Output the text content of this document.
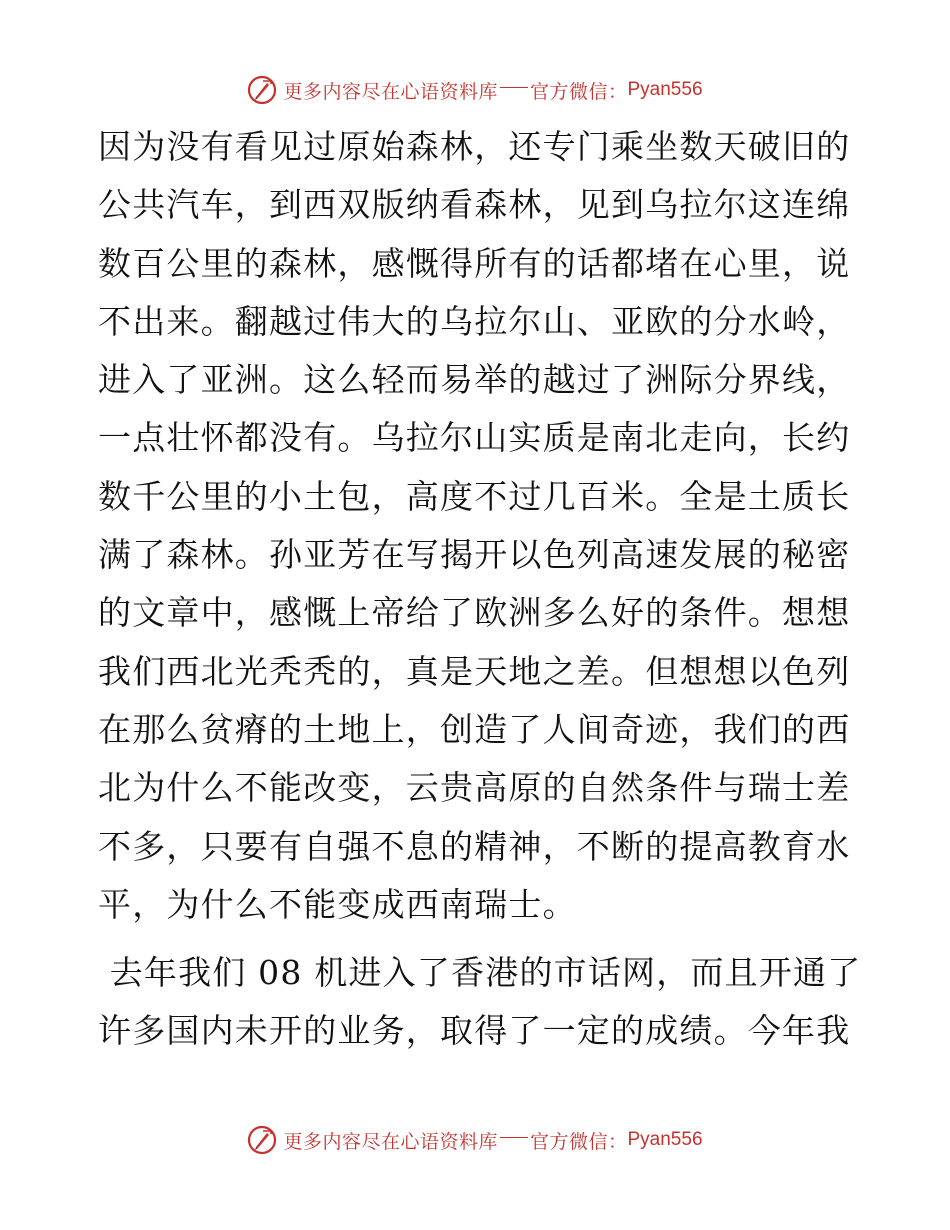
更多内容尽在心语资料库 官方微信： Pyan556

因为没有看见过原始森林，还专门乘坐数天破旧的
公共汽车，到西双版纳看森林，见到乌拉尔这连绵
数百公里的森林，感慨得所有的话都堵在心里，说
不出来。翻越过伟大的乌拉尔山、亚欧的分水岭，
进入了亚洲。这么轻而易举的越过了洲际分界线，
一点壮怀都没有。乌拉尔山实质是南北走向，长约
数千公里的小土包，高度不过几百米。全是土质长
满了森林。孙亚芳在写揭开以色列高速发展的秘密
的文章中，感慨上帝给了欧洲多么好的条件。想想
我们西北光秃秃的，真是天地之差。但想想以色列
在那么贫瘠的土地上，创造了人间奇迹，我们的西
北为什么不能改变，云贵高原的自然条件与瑞士差
不多，只要有自强不息的精神，不断的提高教育水
平，为什么不能变成西南瑞士。

去年我们 08 机进入了香港的市话网，而且开通了
许多国内未开的业务，取得了一定的成绩。今年我

更多内容尽在心语资料库 官方微信： Pyan556
